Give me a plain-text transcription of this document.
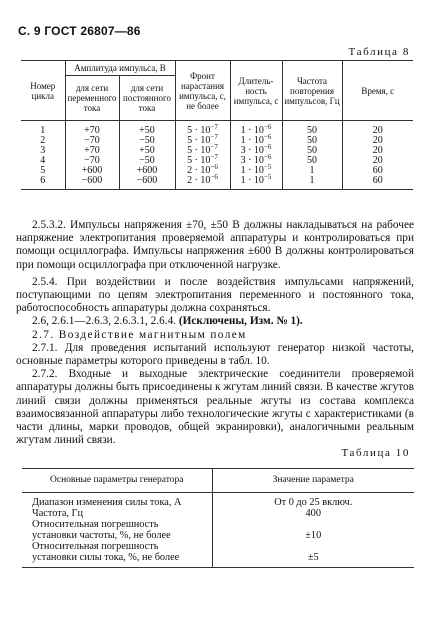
С. 9 ГОСТ 26807—86
Таблица 8
Номер цикла	Амплитуда импульса, В		Фронт нарастания импульса, с, не более	Длитель-ность импульса, с	Частота повторения импульсов, Гц	Время, с
	для сети переменного тока	для сети постоянного тока				
1	+70	+50	$5 \cdot 10^{-7}$	$1 \cdot 10^{-6}$	50	20
2	−70	−50	$5 \cdot 10^{-7}$	$1 \cdot 10^{-6}$	50	20
3	+70	+50	$5 \cdot 10^{-7}$	$3 \cdot 10^{-6}$	50	20
4	−70	−50	$5 \cdot 10^{-7}$	$3 \cdot 10^{-6}$	50	20
5	+600	+600	$2 \cdot 10^{-6}$	$1 \cdot 10^{-5}$	1	60
6	−600	−600	$2 \cdot 10^{-6}$	$1 \cdot 10^{-5}$	1	60

2.5.3.2. Импульсы напряжения ±70, ±50 В должны накладываться на рабочее напряжение электропитания проверяемой аппаратуры и контролироваться при помощи осциллографа. Импульсы напряжения ±600 В должны контролироваться при помощи осциллографа при отключенной нагрузке.

2.5.4. При воздействии и после воздействия импульсами напряжений, поступающими по цепям электропитания переменного и постоянного тока, работоспособность аппаратуры должна сохраняться.

2.6, 2.6.1—2.6.3, 2.6.3.1, 2.6.4. (Исключены, Изм. № 1).

2.7. Воздействие магнитным полем

2.7.1. Для проведения испытаний используют генератор низкой частоты, основные параметры которого приведены в табл. 10.

2.7.2. Входные и выходные электрические соединители проверяемой аппаратуры должны быть присоединены к жгутам линий связи. В качестве жгутов линий связи должны применяться реальные жгуты из состава комплекса взаимосвязанной аппаратуры либо технологические жгуты с характеристиками (в части длины, марки проводов, общей экранировки), аналогичными реальным жгутам линий связи.

Таблица 10
Основные параметры генератора	Значение параметра
Диапазон изменения силы тока, А	От 0 до 25 включ.
Частота, Гц	400
Относительная погрешность установки частоты, %, не более	±10
Относительная погрешность установки силы тока, %, не более	±5
